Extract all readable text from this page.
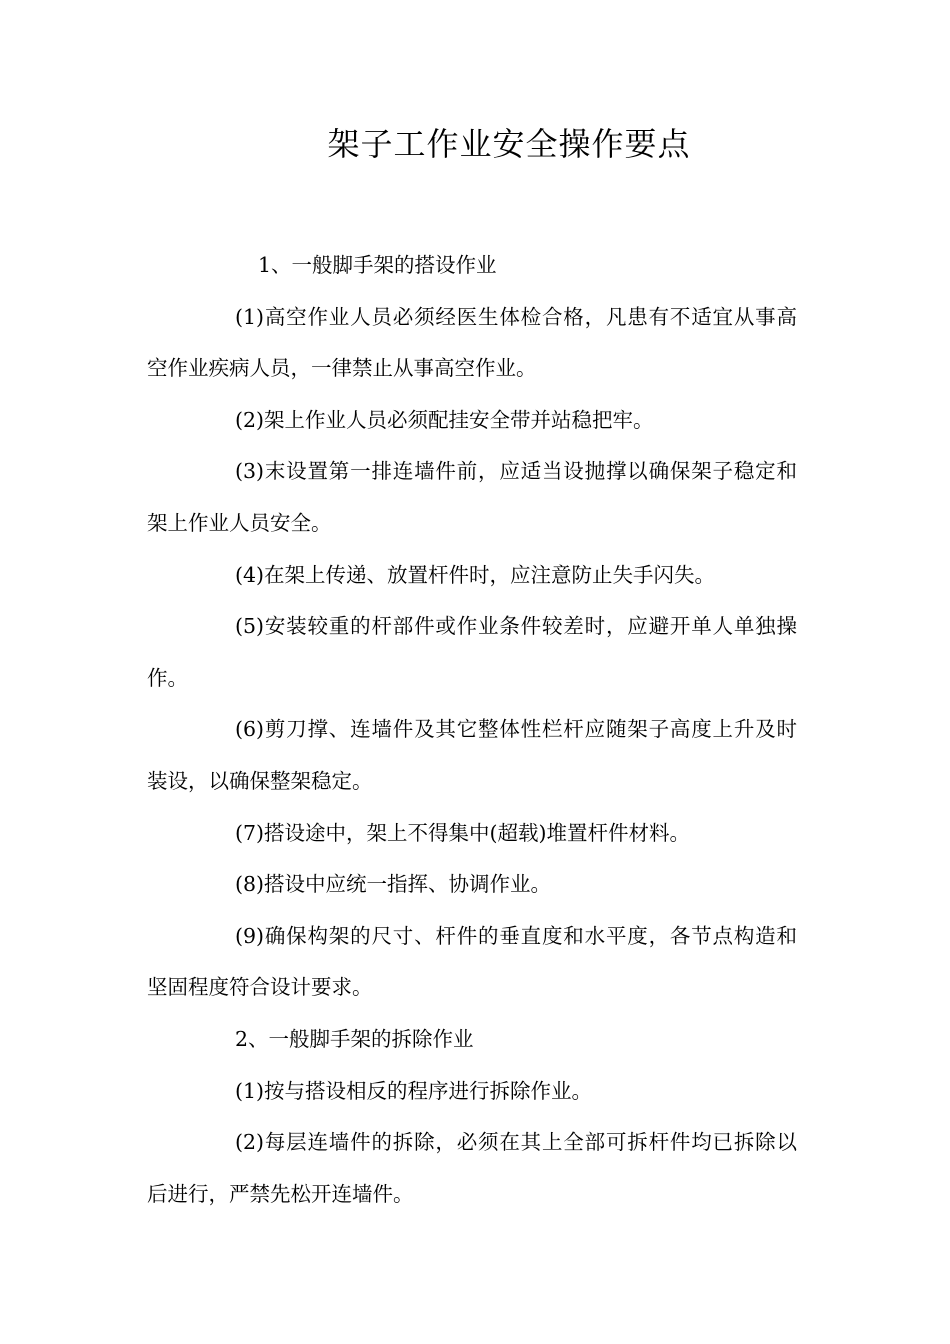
架子工作业安全操作要点

1、一般脚手架的搭设作业

(1)高空作业人员必须经医生体检合格，凡患有不适宜从事高空作业疾病人员，一律禁止从事高空作业。

(2)架上作业人员必须配挂安全带并站稳把牢。

(3)末设置第一排连墙件前，应适当设抛撑以确保架子稳定和架上作业人员安全。

(4)在架上传递、放置杆件时，应注意防止失手闪失。

(5)安装较重的杆部件或作业条件较差时，应避开单人单独操作。

(6)剪刀撑、连墙件及其它整体性栏杆应随架子高度上升及时装设，以确保整架稳定。

(7)搭设途中，架上不得集中(超载)堆置杆件材料。

(8)搭设中应统一指挥、协调作业。

(9)确保构架的尺寸、杆件的垂直度和水平度，各节点构造和坚固程度符合设计要求。

2、一般脚手架的拆除作业

(1)按与搭设相反的程序进行拆除作业。

(2)每层连墙件的拆除，必须在其上全部可拆杆件均已拆除以后进行，严禁先松开连墙件。
